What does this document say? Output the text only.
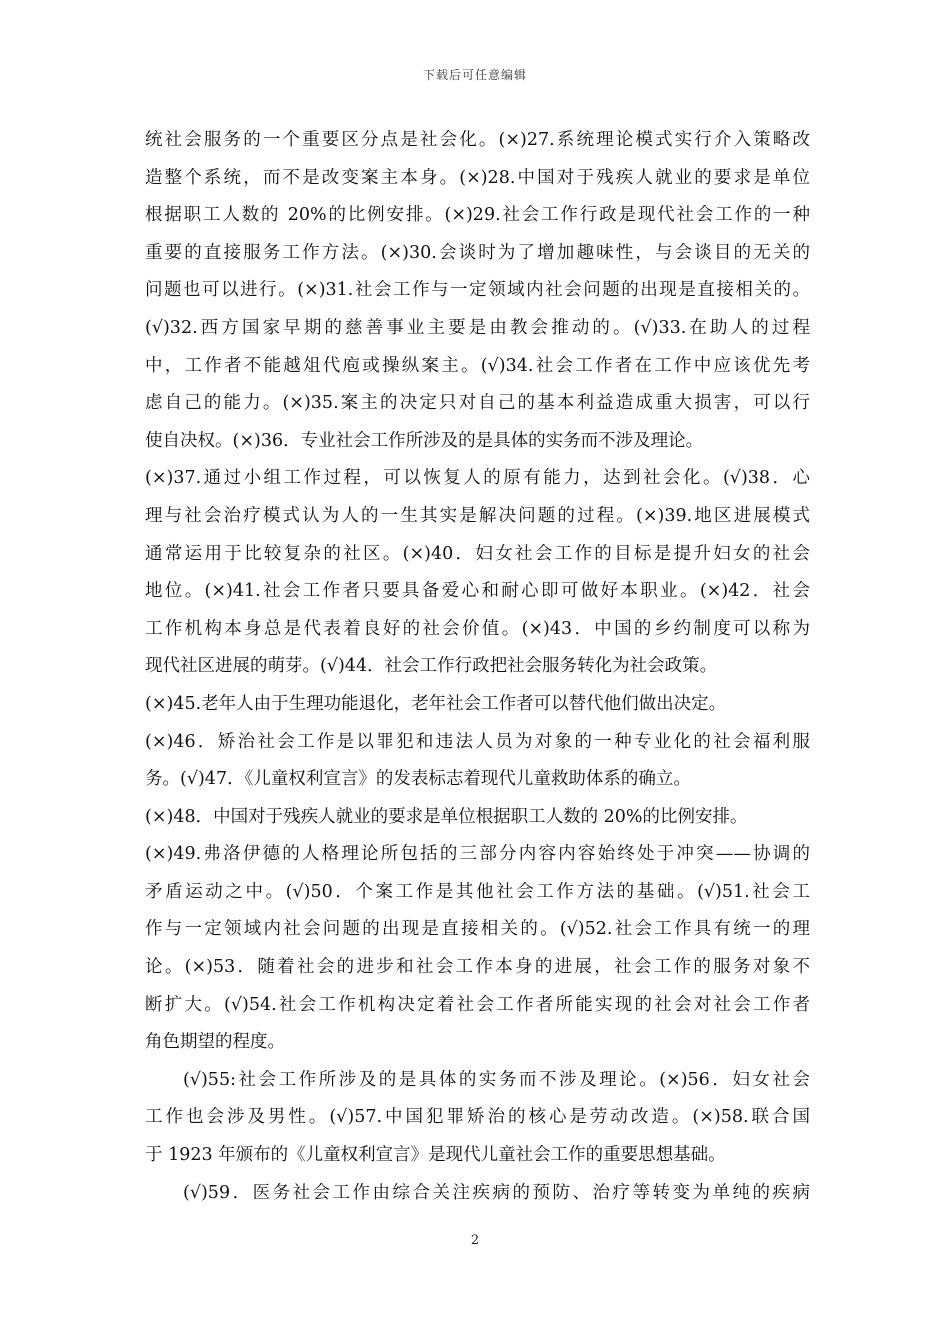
下载后可任意编辑
统社会服务的一个重要区分点是社会化。(×)27.系统理论模式实行介入策略改
造整个系统，而不是改变案主本身。(×)28.中国对于残疾人就业的要求是单位
根据职工人数的 20%的比例安排。(×)29.社会工作行政是现代社会工作的一种
重要的直接服务工作方法。(×)30.会谈时为了增加趣味性，与会谈目的无关的
问题也可以进行。(×)31.社会工作与一定领域内社会问题的出现是直接相关的。
(√)32.西方国家早期的慈善事业主要是由教会推动的。(√)33.在助人的过程
中，工作者不能越俎代庖或操纵案主。(√)34.社会工作者在工作中应该优先考
虑自己的能力。(×)35.案主的决定只对自己的基本利益造成重大损害，可以行
使自决权。(×)36．专业社会工作所涉及的是具体的实务而不涉及理论。
(×)37.通过小组工作过程，可以恢复人的原有能力，达到社会化。(√)38．心
理与社会治疗模式认为人的一生其实是解决问题的过程。(×)39.地区进展模式
通常运用于比较复杂的社区。(×)40．妇女社会工作的目标是提升妇女的社会
地位。(×)41.社会工作者只要具备爱心和耐心即可做好本职业。(×)42．社会
工作机构本身总是代表着良好的社会价值。(×)43．中国的乡约制度可以称为
现代社区进展的萌芽。(√)44．社会工作行政把社会服务转化为社会政策。
(×)45.老年人由于生理功能退化，老年社会工作者可以替代他们做出决定。
(×)46．矫治社会工作是以罪犯和违法人员为对象的一种专业化的社会福利服
务。(√)47．《儿童权利宣言》的发表标志着现代儿童救助体系的确立。
(×)48．中国对于残疾人就业的要求是单位根据职工人数的 20%的比例安排。
(×)49.弗洛伊德的人格理论所包括的三部分内容内容始终处于冲突——协调的
矛盾运动之中。(√)50．个案工作是其他社会工作方法的基础。(√)51.社会工
作与一定领域内社会问题的出现是直接相关的。(√)52.社会工作具有统一的理
论。(×)53．随着社会的进步和社会工作本身的进展，社会工作的服务对象不
断扩大。(√)54.社会工作机构决定着社会工作者所能实现的社会对社会工作者
角色期望的程度。
(√)55:社会工作所涉及的是具体的实务而不涉及理论。(×)56．妇女社会
工作也会涉及男性。(√)57.中国犯罪矫治的核心是劳动改造。(×)58.联合国
于 1923 年颁布的《儿童权利宣言》是现代儿童社会工作的重要思想基础。
(√)59．医务社会工作由综合关注疾病的预防、治疗等转变为单纯的疾病
2
